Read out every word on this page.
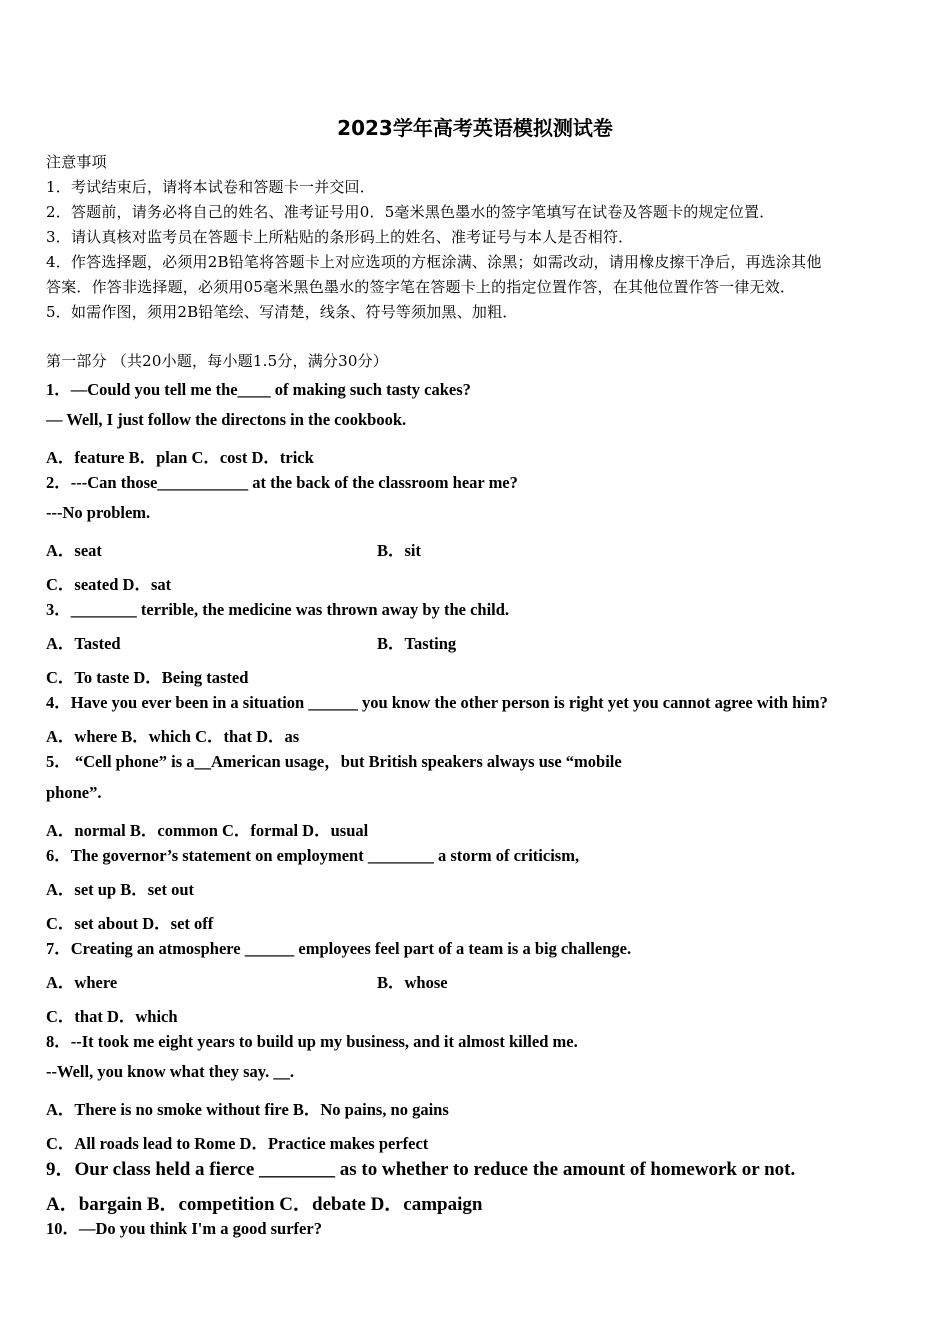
2023学年高考英语模拟测试卷
注意事项
1．考试结束后，请将本试卷和答题卡一并交回．
2．答题前，请务必将自己的姓名、准考证号用0．5毫米黑色墨水的签字笔填写在试卷及答题卡的规定位置．
3．请认真核对监考员在答题卡上所粘贴的条形码上的姓名、准考证号与本人是否相符．
4．作答选择题，必须用2B铅笔将答题卡上对应选项的方框涂满、涂黑；如需改动，请用橡皮擦干净后，再选涂其他
答案．作答非选择题，必须用05毫米黑色墨水的签字笔在答题卡上的指定位置作答，在其他位置作答一律无效．
5．如需作图，须用2B铅笔绘、写清楚，线条、符号等须加黑、加粗．
第一部分 （共20小题，每小题1.5分，满分30分）
1．—Could you tell me the____ of making such tasty cakes?
— Well, I just follow the directons in the cookbook.
A．feature B．plan C．cost D．trick
2．---Can those___________ at the back of the classroom hear me?
---No problem.
A．seat	B．sit
C．seated D．sat
3．________ terrible, the medicine was thrown away by the child.
A．Tasted	B．Tasting
C．To taste D．Being tasted
4．Have you ever been in a situation ______ you know the other person is right yet you cannot agree with him?
A．where B．which C．that D．as
5． “Cell phone” is a__American usage，but British speakers always use “mobile
phone”.
A．normal B．common C．formal D．usual
6．The governor’s statement on employment ________ a storm of criticism,
A．set up B．set out
C．set about D．set off
7．Creating an atmosphere ______ employees feel part of a team is a big challenge.
A．where	B．whose
C．that D．which
8．--It took me eight years to build up my business, and it almost killed me.
--Well, you know what they say. __.
A．There is no smoke without fire B．No pains, no gains
C．All roads lead to Rome D．Practice makes perfect
9．Our class held a fierce ________ as to whether to reduce the amount of homework or not.
A．bargain B．competition C．debate D．campaign
10．—Do you think I'm a good surfer?
